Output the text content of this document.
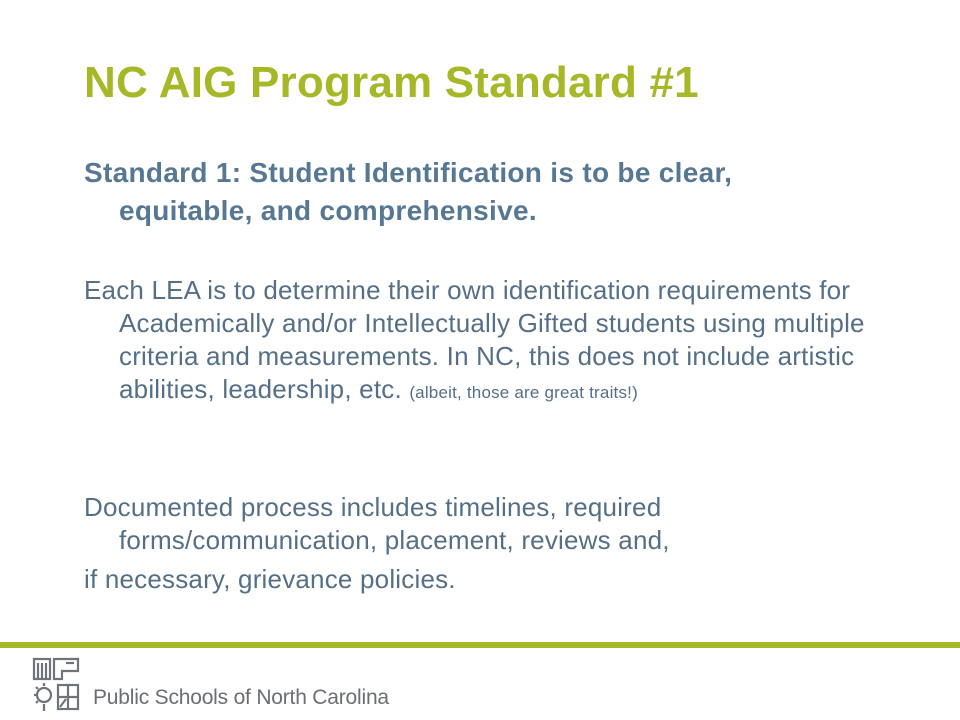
NC AIG Program Standard #1

Standard 1: Student Identification is to be clear, equitable, and comprehensive.

Each LEA is to determine their own identification requirements for Academically and/or Intellectually Gifted students using multiple criteria and measurements. In NC, this does not include artistic abilities, leadership, etc. (albeit, those are great traits!)

Documented process includes timelines, required forms/communication, placement, reviews and,
if necessary, grievance policies.

Public Schools of North Carolina
